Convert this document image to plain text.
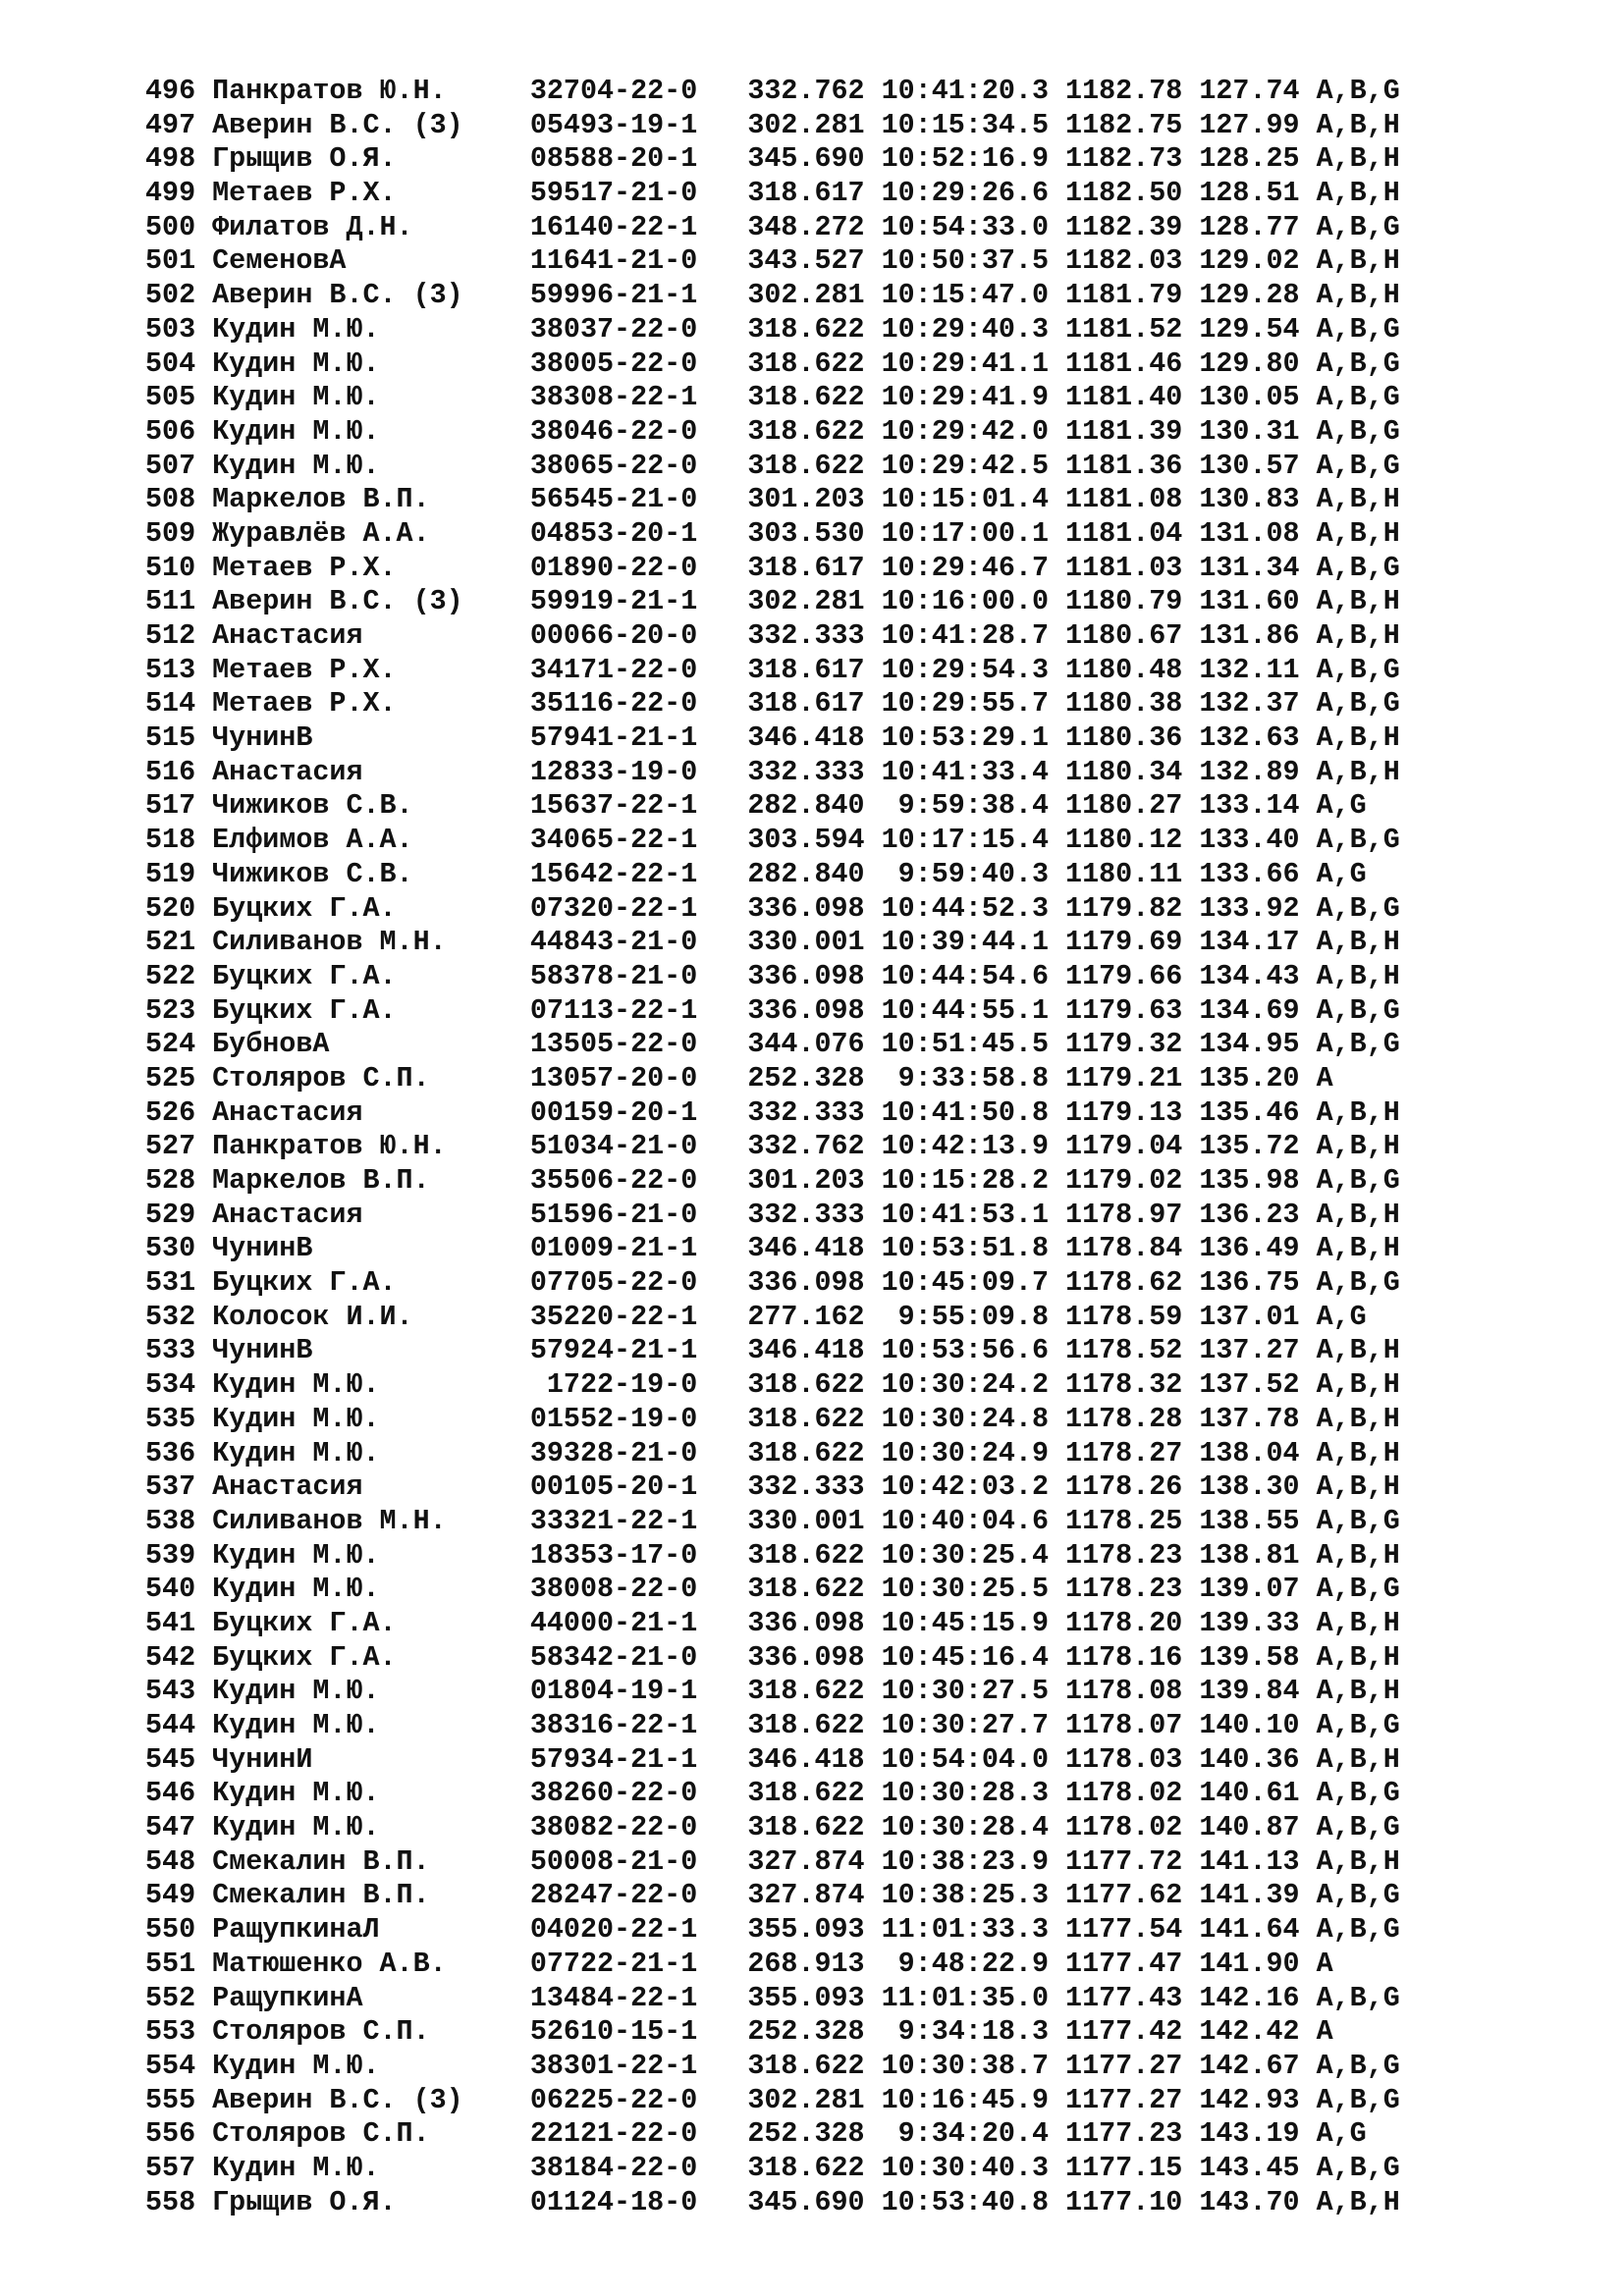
496 Панкратов Ю.Н.     32704-22-0   332.762 10:41:20.3 1182.78 127.74 A,B,G
497 Аверин В.С. (3)    05493-19-1   302.281 10:15:34.5 1182.75 127.99 A,B,H
498 Грыщив О.Я.        08588-20-1   345.690 10:52:16.9 1182.73 128.25 A,B,H
499 Метаев Р.Х.        59517-21-0   318.617 10:29:26.6 1182.50 128.51 A,B,H
500 Филатов Д.Н.       16140-22-1   348.272 10:54:33.0 1182.39 128.77 A,B,G
501 СеменовА           11641-21-0   343.527 10:50:37.5 1182.03 129.02 A,B,H
502 Аверин В.С. (3)    59996-21-1   302.281 10:15:47.0 1181.79 129.28 A,B,H
503 Кудин М.Ю.         38037-22-0   318.622 10:29:40.3 1181.52 129.54 A,B,G
504 Кудин М.Ю.         38005-22-0   318.622 10:29:41.1 1181.46 129.80 A,B,G
505 Кудин М.Ю.         38308-22-1   318.622 10:29:41.9 1181.40 130.05 A,B,G
506 Кудин М.Ю.         38046-22-0   318.622 10:29:42.0 1181.39 130.31 A,B,G
507 Кудин М.Ю.         38065-22-0   318.622 10:29:42.5 1181.36 130.57 A,B,G
508 Маркелов В.П.      56545-21-0   301.203 10:15:01.4 1181.08 130.83 A,B,H
509 Журавлёв А.А.      04853-20-1   303.530 10:17:00.1 1181.04 131.08 A,B,H
510 Метаев Р.Х.        01890-22-0   318.617 10:29:46.7 1181.03 131.34 A,B,G
511 Аверин В.С. (3)    59919-21-1   302.281 10:16:00.0 1180.79 131.60 A,B,H
512 Анастасия          00066-20-0   332.333 10:41:28.7 1180.67 131.86 A,B,H
513 Метаев Р.Х.        34171-22-0   318.617 10:29:54.3 1180.48 132.11 A,B,G
514 Метаев Р.Х.        35116-22-0   318.617 10:29:55.7 1180.38 132.37 A,B,G
515 ЧунинВ             57941-21-1   346.418 10:53:29.1 1180.36 132.63 A,B,H
516 Анастасия          12833-19-0   332.333 10:41:33.4 1180.34 132.89 A,B,H
517 Чижиков С.В.       15637-22-1   282.840  9:59:38.4 1180.27 133.14 A,G
518 Елфимов А.А.       34065-22-1   303.594 10:17:15.4 1180.12 133.40 A,B,G
519 Чижиков С.В.       15642-22-1   282.840  9:59:40.3 1180.11 133.66 A,G
520 Буцких Г.А.        07320-22-1   336.098 10:44:52.3 1179.82 133.92 A,B,G
521 Силиванов М.Н.     44843-21-0   330.001 10:39:44.1 1179.69 134.17 A,B,H
522 Буцких Г.А.        58378-21-0   336.098 10:44:54.6 1179.66 134.43 A,B,H
523 Буцких Г.А.        07113-22-1   336.098 10:44:55.1 1179.63 134.69 A,B,G
524 БубновА            13505-22-0   344.076 10:51:45.5 1179.32 134.95 A,B,G
525 Столяров С.П.      13057-20-0   252.328  9:33:58.8 1179.21 135.20 A
526 Анастасия          00159-20-1   332.333 10:41:50.8 1179.13 135.46 A,B,H
527 Панкратов Ю.Н.     51034-21-0   332.762 10:42:13.9 1179.04 135.72 A,B,H
528 Маркелов В.П.      35506-22-0   301.203 10:15:28.2 1179.02 135.98 A,B,G
529 Анастасия          51596-21-0   332.333 10:41:53.1 1178.97 136.23 A,B,H
530 ЧунинВ             01009-21-1   346.418 10:53:51.8 1178.84 136.49 A,B,H
531 Буцких Г.А.        07705-22-0   336.098 10:45:09.7 1178.62 136.75 A,B,G
532 Колосок И.И.       35220-22-1   277.162  9:55:09.8 1178.59 137.01 A,G
533 ЧунинВ             57924-21-1   346.418 10:53:56.6 1178.52 137.27 A,B,H
534 Кудин М.Ю.          1722-19-0   318.622 10:30:24.2 1178.32 137.52 A,B,H
535 Кудин М.Ю.         01552-19-0   318.622 10:30:24.8 1178.28 137.78 A,B,H
536 Кудин М.Ю.         39328-21-0   318.622 10:30:24.9 1178.27 138.04 A,B,H
537 Анастасия          00105-20-1   332.333 10:42:03.2 1178.26 138.30 A,B,H
538 Силиванов М.Н.     33321-22-1   330.001 10:40:04.6 1178.25 138.55 A,B,G
539 Кудин М.Ю.         18353-17-0   318.622 10:30:25.4 1178.23 138.81 A,B,H
540 Кудин М.Ю.         38008-22-0   318.622 10:30:25.5 1178.23 139.07 A,B,G
541 Буцких Г.А.        44000-21-1   336.098 10:45:15.9 1178.20 139.33 A,B,H
542 Буцких Г.А.        58342-21-0   336.098 10:45:16.4 1178.16 139.58 A,B,H
543 Кудин М.Ю.         01804-19-1   318.622 10:30:27.5 1178.08 139.84 A,B,H
544 Кудин М.Ю.         38316-22-1   318.622 10:30:27.7 1178.07 140.10 A,B,G
545 ЧунинИ             57934-21-1   346.418 10:54:04.0 1178.03 140.36 A,B,H
546 Кудин М.Ю.         38260-22-0   318.622 10:30:28.3 1178.02 140.61 A,B,G
547 Кудин М.Ю.         38082-22-0   318.622 10:30:28.4 1178.02 140.87 A,B,G
548 Смекалин В.П.      50008-21-0   327.874 10:38:23.9 1177.72 141.13 A,B,H
549 Смекалин В.П.      28247-22-0   327.874 10:38:25.3 1177.62 141.39 A,B,G
550 РащупкинаЛ         04020-22-1   355.093 11:01:33.3 1177.54 141.64 A,B,G
551 Матюшенко А.В.     07722-21-1   268.913  9:48:22.9 1177.47 141.90 A
552 РащупкинА          13484-22-1   355.093 11:01:35.0 1177.43 142.16 A,B,G
553 Столяров С.П.      52610-15-1   252.328  9:34:18.3 1177.42 142.42 A
554 Кудин М.Ю.         38301-22-1   318.622 10:30:38.7 1177.27 142.67 A,B,G
555 Аверин В.С. (3)    06225-22-0   302.281 10:16:45.9 1177.27 142.93 A,B,G
556 Столяров С.П.      22121-22-0   252.328  9:34:20.4 1177.23 143.19 A,G
557 Кудин М.Ю.         38184-22-0   318.622 10:30:40.3 1177.15 143.45 A,B,G
558 Грыщив О.Я.        01124-18-0   345.690 10:53:40.8 1177.10 143.70 A,B,H
